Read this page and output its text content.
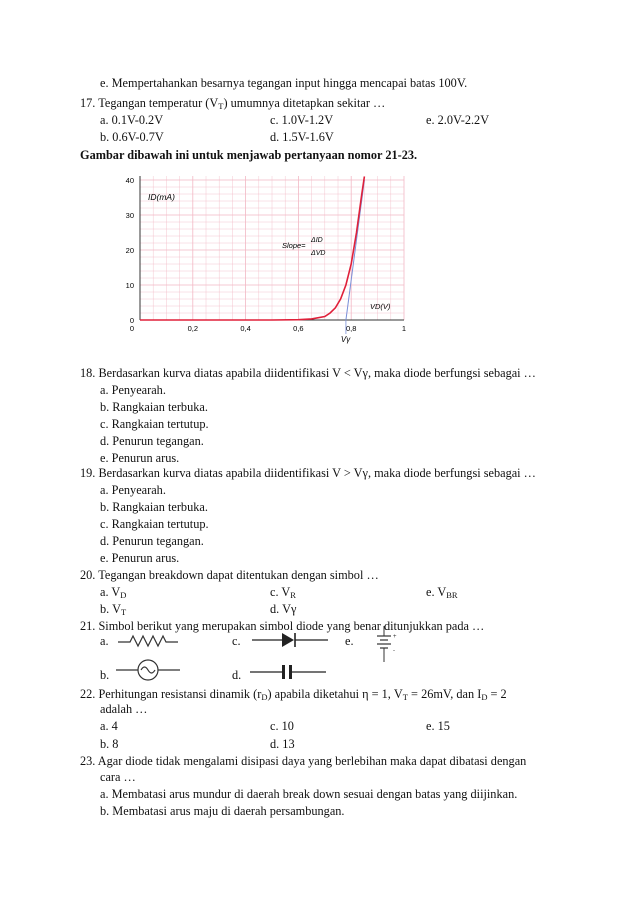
e. Mempertahankan besarnya tegangan input hingga mencapai batas 100V.
17. Tegangan temperatur $(V_T)$ umumnya ditetapkan sekitar …
a. 0.1V-0.2V	c. 1.0V-1.2V	e. 2.0V-2.2V
b. 0.6V-0.7V	d. 1.5V-1.6V
Gambar dibawah ini untuk menjawab pertanyaan nomor 21-23.
0
10
20
30
40
0	0,2	0,4	0,6	0,8	1
ID(mA)
VD(V)
Slope=
ΔID
ΔVD
Vγ
18. Berdasarkan kurva diatas apabila diidentifikasi V < Vγ, maka diode berfungsi sebagai …
a. Penyearah.
b. Rangkaian terbuka.
c. Rangkaian tertutup.
d. Penurun tegangan.
e. Penurun arus.
19. Berdasarkan kurva diatas apabila diidentifikasi V > Vγ, maka diode berfungsi sebagai …
a. Penyearah.
b. Rangkaian terbuka.
c. Rangkaian tertutup.
d. Penurun tegangan.
e. Penurun arus.
20. Tegangan breakdown dapat ditentukan dengan simbol …
a. $V_D$	c. $V_R$	e. $V_{BR}$
b. $V_T$	d. Vγ
21. Simbol berikut yang merupakan simbol diode yang benar ditunjukkan pada …
a.	c.	e.
b.	d.
+
-
22. Perhitungan resistansi dinamik $(r_D)$ apabila diketahui η = 1, $V_T = 26mV$, dan $I_D = 2$
adalah …
a. 4	c. 10	e. 15
b. 8	d. 13
23. Agar diode tidak mengalami disipasi daya yang berlebihan maka dapat dibatasi dengan
cara …
a. Membatasi arus mundur di daerah break down sesuai dengan batas yang diijinkan.
b. Membatasi arus maju di daerah persambungan.
